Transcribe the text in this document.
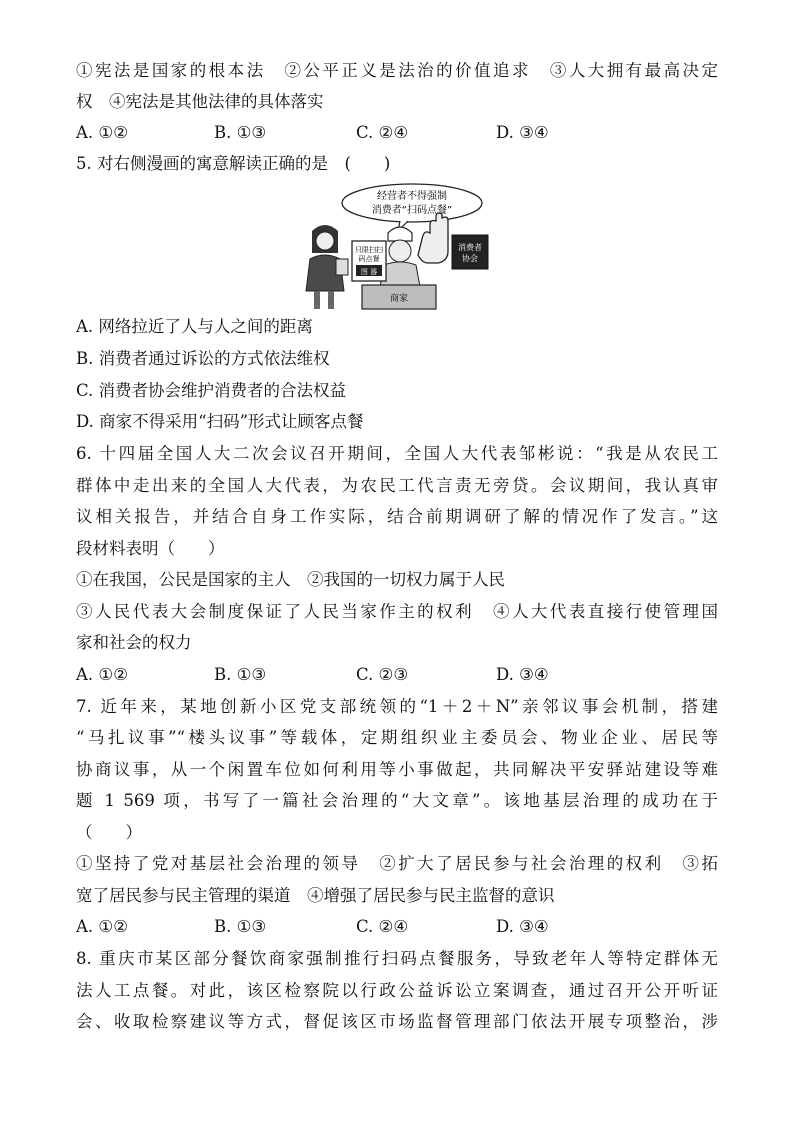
①宪法是国家的根本法　②公平正义是法治的价值追求　③人大拥有最高决定
权　④宪法是其他法律的具体落实
A. ①②	B. ①③	C. ②④	D. ③④
5. 对右侧漫画的寓意解读正确的是　(　　)
经营者不得强制
消费者“扫码点餐”
只限扫扫
码点餐
图 器
商家
消费者
协会
A. 网络拉近了人与人之间的距离
B. 消费者通过诉讼的方式依法维权
C. 消费者协会维护消费者的合法权益
D. 商家不得采用“扫码”形式让顾客点餐
6. 十四届全国人大二次会议召开期间，全国人大代表邹彬说：“我是从农民工
群体中走出来的全国人大代表，为农民工代言责无旁贷。会议期间，我认真审
议相关报告，并结合自身工作实际，结合前期调研了解的情况作了发言。”这
段材料表明（　　）
①在我国，公民是国家的主人　②我国的一切权力属于人民
③人民代表大会制度保证了人民当家作主的权利　④人大代表直接行使管理国
家和社会的权力
A. ①②	B. ①③	C. ②③	D. ③④
7. 近年来，某地创新小区党支部统领的“1＋2＋N”亲邻议事会机制，搭建
“马扎议事”“楼头议事”等载体，定期组织业主委员会、物业企业、居民等
协商议事，从一个闲置车位如何利用等小事做起，共同解决平安驿站建设等难
题 1 569 项，书写了一篇社会治理的“大文章”。该地基层治理的成功在于
（　　）
①坚持了党对基层社会治理的领导　②扩大了居民参与社会治理的权利　③拓
宽了居民参与民主管理的渠道　④增强了居民参与民主监督的意识
A. ①②	B. ①③	C. ②④	D. ③④
8. 重庆市某区部分餐饮商家强制推行扫码点餐服务，导致老年人等特定群体无
法人工点餐。对此，该区检察院以行政公益诉讼立案调查，通过召开公开听证
会、收取检察建议等方式，督促该区市场监督管理部门依法开展专项整治，涉
